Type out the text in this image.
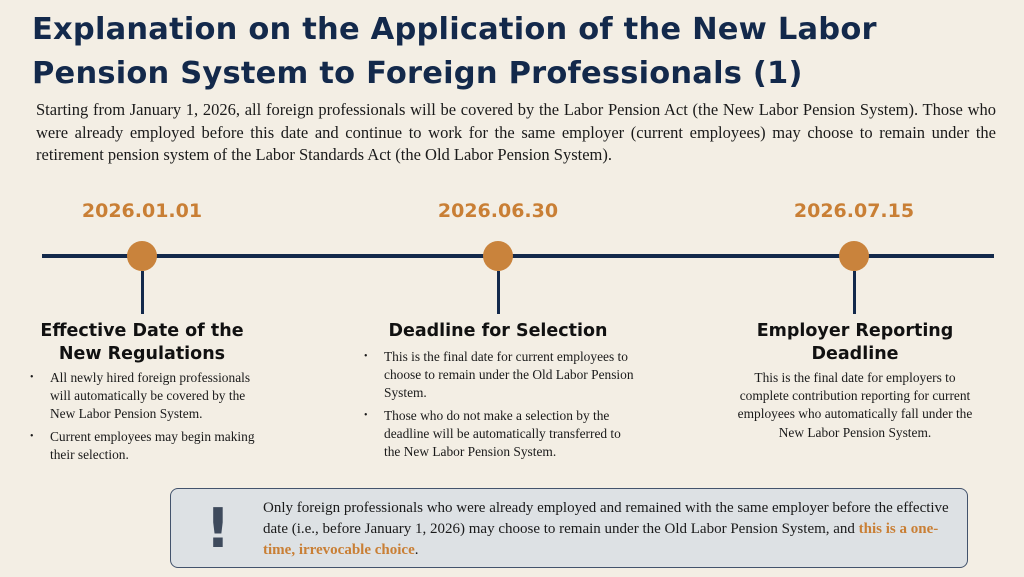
Explanation on the Application of the New Labor Pension System to Foreign Professionals (1)

Starting from January 1, 2026, all foreign professionals will be covered by the Labor Pension Act (the New Labor Pension System). Those who were already employed before this date and continue to work for the same employer (current employees) may choose to remain under the retirement pension system of the Labor Standards Act (the Old Labor Pension System).

2026.01.01	2026.06.30	2026.07.15
Effective Date of the New Regulations
• All newly hired foreign professionals will automatically be covered by the New Labor Pension System.
• Current employees may begin making their selection.
Deadline for Selection
• This is the final date for current employees to choose to remain under the Old Labor Pension System.
• Those who do not make a selection by the deadline will be automatically transferred to the New Labor Pension System.
Employer Reporting Deadline

This is the final date for employers to complete contribution reporting for current employees who automatically fall under the New Labor Pension System.

!	Only foreign professionals who were already employed and remained with the same employer before the effective date (i.e., before January 1, 2026) may choose to remain under the Old Labor Pension System, and this is a one-time, irrevocable choice.
